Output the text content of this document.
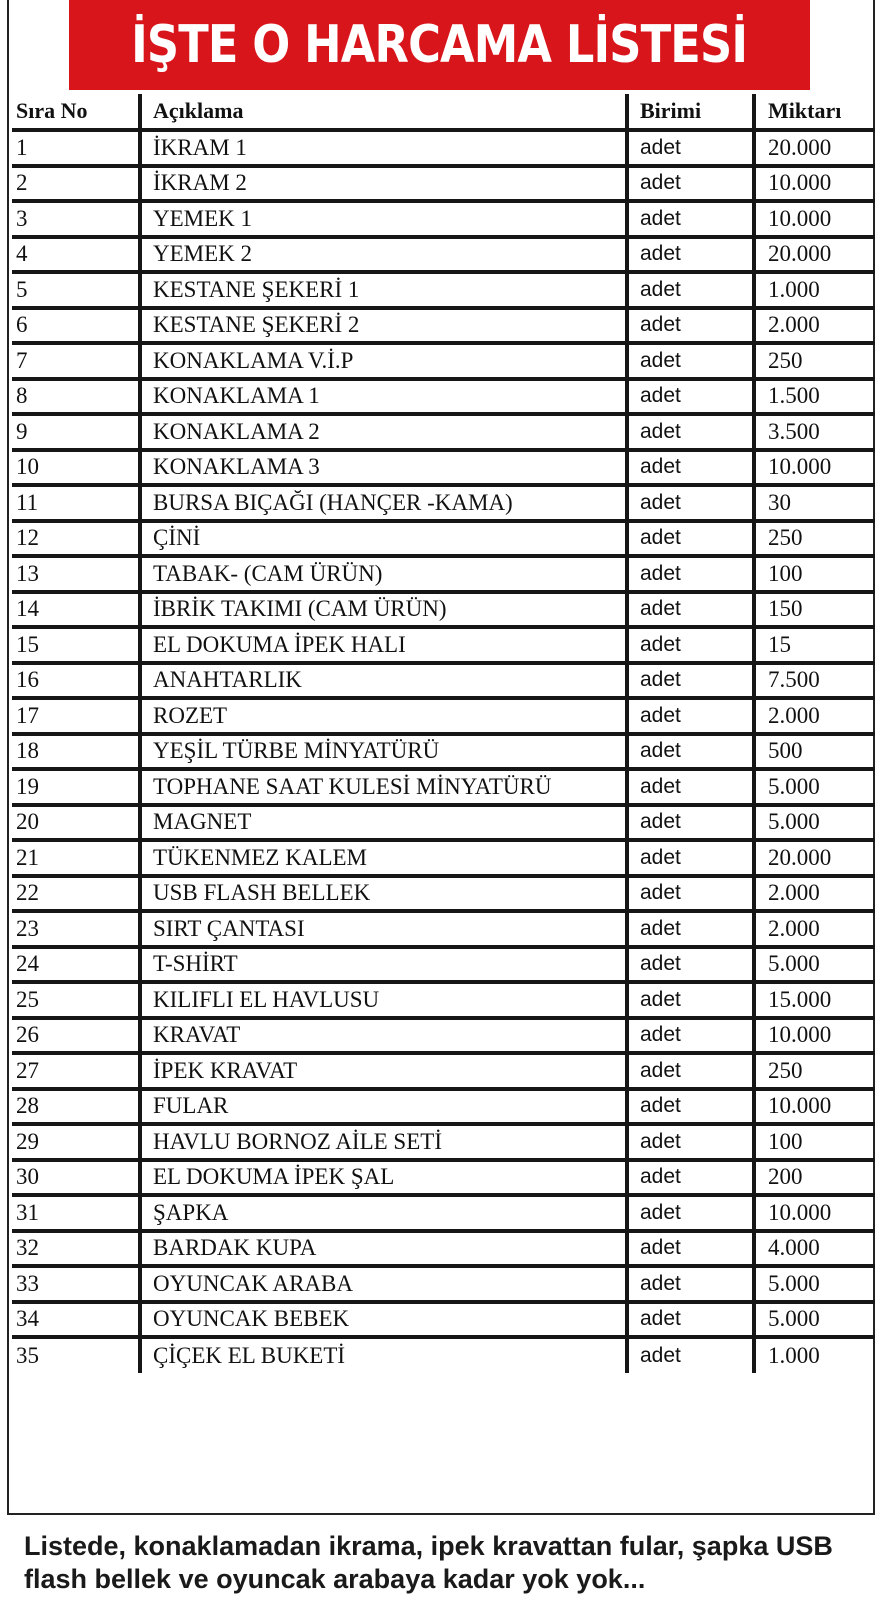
İŞTE O HARCAMA LİSTESİ
Sıra No	Açıklama	Birimi	Miktarı
1	İKRAM 1	adet	20.000
2	İKRAM 2	adet	10.000
3	YEMEK 1	adet	10.000
4	YEMEK 2	adet	20.000
5	KESTANE ŞEKERİ 1	adet	1.000
6	KESTANE ŞEKERİ 2	adet	2.000
7	KONAKLAMA V.İ.P	adet	250
8	KONAKLAMA 1	adet	1.500
9	KONAKLAMA 2	adet	3.500
10	KONAKLAMA 3	adet	10.000
11	BURSA BIÇAĞI (HANÇER -KAMA)	adet	30
12	ÇİNİ	adet	250
13	TABAK- (CAM ÜRÜN)	adet	100
14	İBRİK TAKIMI (CAM ÜRÜN)	adet	150
15	EL DOKUMA İPEK HALI	adet	15
16	ANAHTARLIK	adet	7.500
17	ROZET	adet	2.000
18	YEŞİL TÜRBE MİNYATÜRÜ	adet	500
19	TOPHANE SAAT KULESİ MİNYATÜRÜ	adet	5.000
20	MAGNET	adet	5.000
21	TÜKENMEZ KALEM	adet	20.000
22	USB FLASH BELLEK	adet	2.000
23	SIRT ÇANTASI	adet	2.000
24	T-SHİRT	adet	5.000
25	KILIFLI EL HAVLUSU	adet	15.000
26	KRAVAT	adet	10.000
27	İPEK KRAVAT	adet	250
28	FULAR	adet	10.000
29	HAVLU BORNOZ AİLE SETİ	adet	100
30	EL DOKUMA İPEK ŞAL	adet	200
31	ŞAPKA	adet	10.000
32	BARDAK KUPA	adet	4.000
33	OYUNCAK ARABA	adet	5.000
34	OYUNCAK BEBEK	adet	5.000
35	ÇİÇEK EL BUKETİ	adet	1.000
Listede, konaklamadan ikrama, ipek kravattan fular, şapka USB flash bellek ve oyuncak arabaya kadar yok yok...
